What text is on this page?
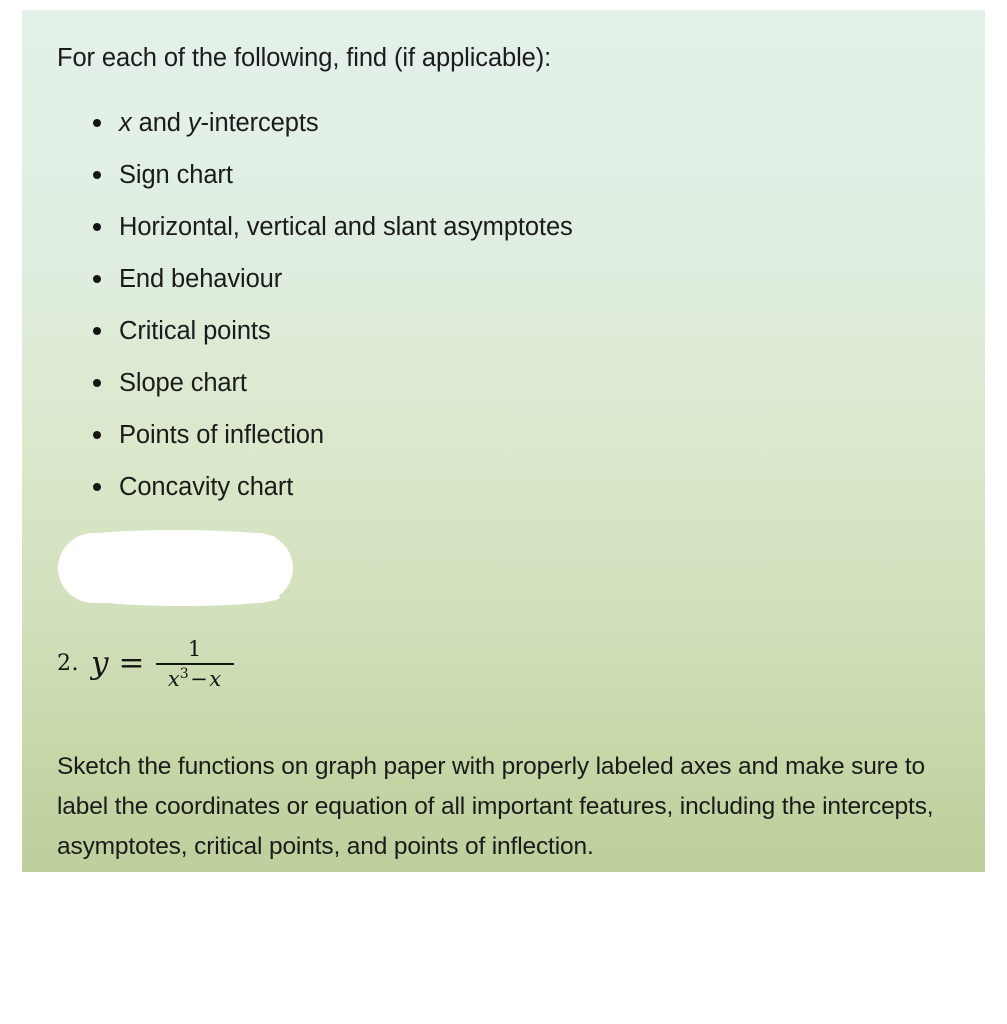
For each of the following, find (if applicable):
x and y-intercepts
Sign chart
Horizontal, vertical and slant asymptotes
End behaviour
Critical points
Slope chart
Points of inflection
Concavity chart
2. y = 1
$x^3-x$
Sketch the functions on graph paper with properly labeled axes and make sure to label the coordinates or equation of all important features, including the intercepts, asymptotes, critical points, and points of inflection.
